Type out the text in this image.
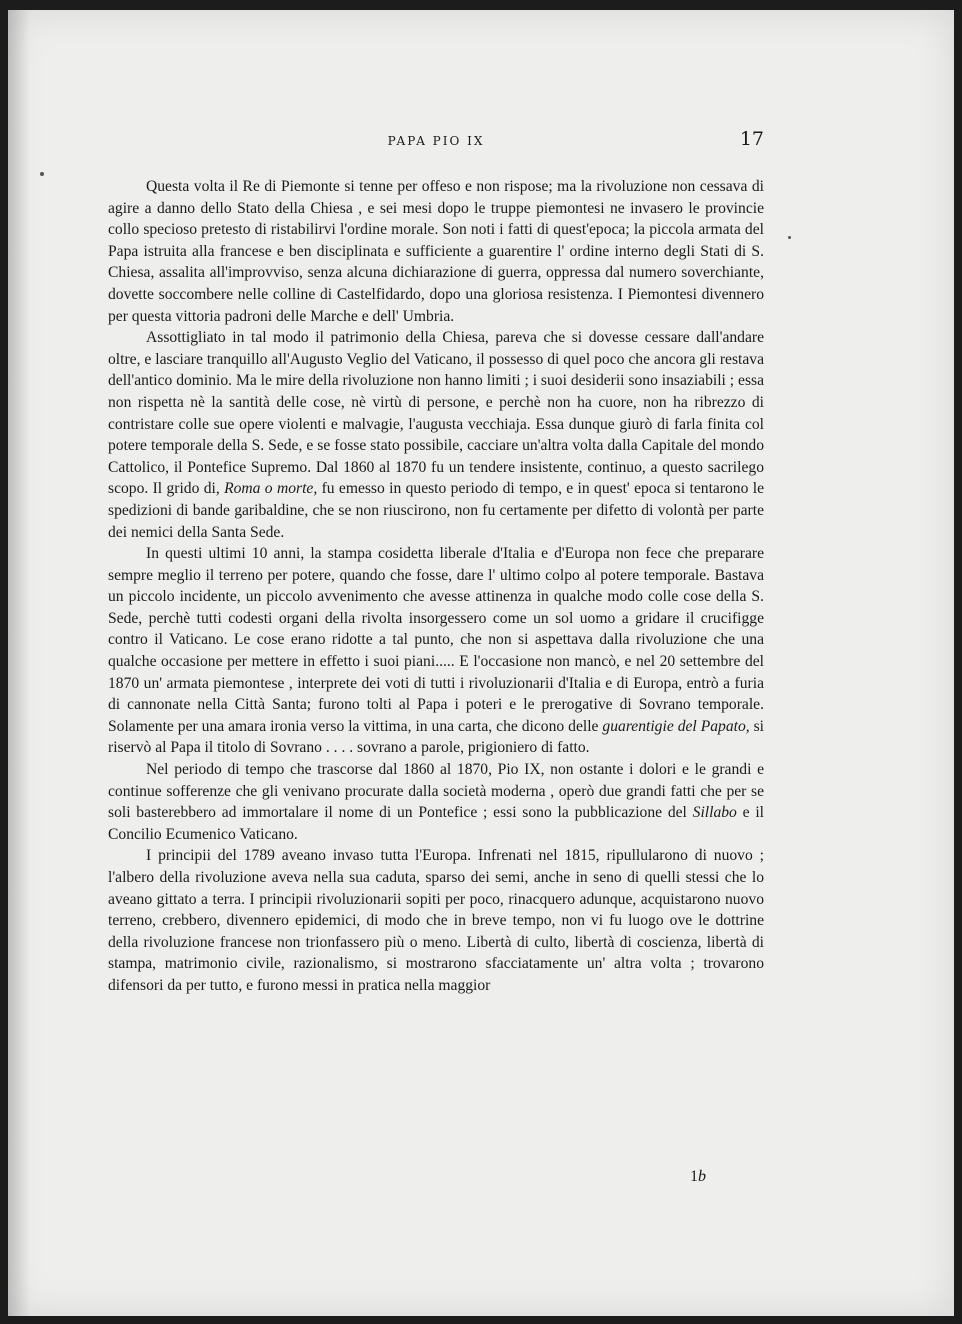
PAPA PIO IX	17

Questa volta il Re di Piemonte si tenne per offeso e non rispose; ma la rivoluzione non cessava di agire a danno dello Stato della Chiesa , e sei mesi dopo le truppe piemontesi ne invasero le provincie collo specioso pretesto di ristabilirvi l'ordine morale. Son noti i fatti di quest'epoca; la piccola armata del Papa istruita alla francese e ben disciplinata e sufficiente a guarentire l' ordine interno degli Stati di S. Chiesa, assalita all'improvviso, senza alcuna dichiarazione di guerra, oppressa dal numero soverchiante, dovette soccombere nelle colline di Castelfidardo, dopo una gloriosa resistenza. I Piemontesi divennero per questa vittoria padroni delle Marche e dell' Umbria.

Assottigliato in tal modo il patrimonio della Chiesa, pareva che si dovesse cessare dall'andare oltre, e lasciare tranquillo all'Augusto Veglio del Vaticano, il possesso di quel poco che ancora gli restava dell'antico dominio. Ma le mire della rivoluzione non hanno limiti ; i suoi desiderii sono insaziabili ; essa non rispetta nè la santità delle cose, nè virtù di persone, e perchè non ha cuore, non ha ribrezzo di contristare colle sue opere violenti e malvagie, l'augusta vecchiaja. Essa dunque giurò di farla finita col potere temporale della S. Sede, e se fosse stato possibile, cacciare un'altra volta dalla Capitale del mondo Cattolico, il Pontefice Supremo. Dal 1860 al 1870 fu un tendere insistente, continuo, a questo sacrilego scopo. Il grido di, Roma o morte, fu emesso in questo periodo di tempo, e in quest' epoca si tentarono le spedizioni di bande garibaldine, che se non riuscirono, non fu certamente per difetto di volontà per parte dei nemici della Santa Sede.

In questi ultimi 10 anni, la stampa cosidetta liberale d'Italia e d'Europa non fece che preparare sempre meglio il terreno per potere, quando che fosse, dare l' ultimo colpo al potere temporale. Bastava un piccolo incidente, un piccolo avvenimento che avesse attinenza in qualche modo colle cose della S. Sede, perchè tutti codesti organi della rivolta insorgessero come un sol uomo a gridare il crucifigge contro il Vaticano. Le cose erano ridotte a tal punto, che non si aspettava dalla rivoluzione che una qualche occasione per mettere in effetto i suoi piani..... E l'occasione non mancò, e nel 20 settembre del 1870 un' armata piemontese , interprete dei voti di tutti i rivoluzionarii d'Italia e di Europa, entrò a furia di cannonate nella Città Santa; furono tolti al Papa i poteri e le prerogative di Sovrano temporale. Solamente per una amara ironia verso la vittima, in una carta, che dicono delle guarentigie del Papato, si riservò al Papa il titolo di Sovrano . . . . sovrano a parole, prigioniero di fatto.

Nel periodo di tempo che trascorse dal 1860 al 1870, Pio IX, non ostante i dolori e le grandi e continue sofferenze che gli venivano procurate dalla società moderna , operò due grandi fatti che per se soli basterebbero ad immortalare il nome di un Pontefice ; essi sono la pubblicazione del Sillabo e il Concilio Ecumenico Vaticano.

I principii del 1789 aveano invaso tutta l'Europa. Infrenati nel 1815, ripullularono di nuovo ; l'albero della rivoluzione aveva nella sua caduta, sparso dei semi, anche in seno di quelli stessi che lo aveano gittato a terra. I principii rivoluzionarii sopiti per poco, rinacquero adunque, acquistarono nuovo terreno, crebbero, divennero epidemici, di modo che in breve tempo, non vi fu luogo ove le dottrine della rivoluzione francese non trionfassero più o meno. Libertà di culto, libertà di coscienza, libertà di stampa, matrimonio civile, razionalismo, si mostrarono sfacciatamente un' altra volta ; trovarono difensori da per tutto, e furono messi in pratica nella maggior

1b
